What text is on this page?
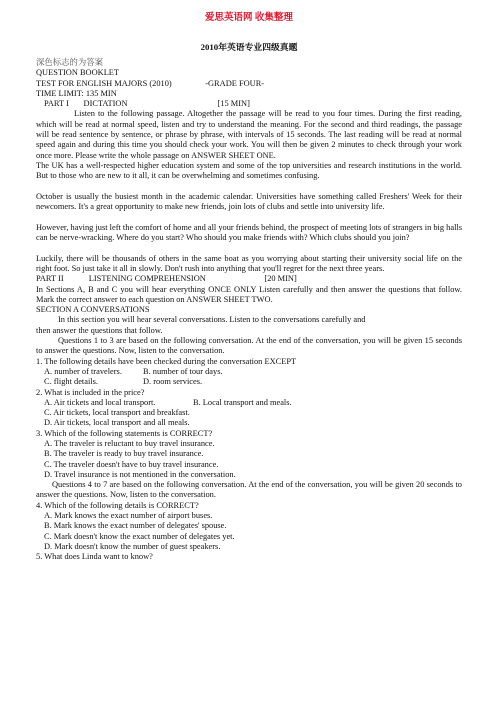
爱思英语网 收集整理
2010年英语专业四级真题
深色标志的为答案
QUESTION BOOKLET
TEST FOR ENGLISH MAJORS (2010)                -GRADE FOUR-
TIME LIMIT: 135 MIN
PART I       DICTATION                                           [15 MIN]
Listen to the following passage. Altogether the passage will be read to you four times. During the first reading, which will be read at normal speed, listen and try to understand the meaning. For the second and third readings, the passage will be read sentence by sentence, or phrase by phrase, with intervals of 15 seconds. The last reading will be read at normal speed again and during this time you should check your work. You will then be given 2 minutes to check through your work once more. Please write the whole passage on ANSWER SHEET ONE.
The UK has a well-respected higher education system and some of the top universities and research institutions in the world. But to those who are new to it all, it can be overwhelming and sometimes confusing.
October is usually the busiest month in the academic calendar. Universities have something called Freshers' Week for their newcomers. It's a great opportunity to make new friends, join lots of clubs and settle into university life.
However, having just left the comfort of home and all your friends behind, the prospect of meeting lots of strangers in big halls can be nerve-wracking. Where do you start? Who should you make friends with? Which clubs should you join?
Luckily, there will be thousands of others in the same boat as you worrying about starting their university social life on the right foot. So just take it all in slowly. Don't rush into anything that you'll regret for the next three years.
PART II            LISTENING COMPREHENSION                            [20 MIN]
In Sections A, B and C you will hear everything ONCE ONLY Listen carefully and then answer the questions that follow. Mark the correct answer to each question on ANSWER SHEET TWO.
SECTION A CONVERSATIONS
In this section you will hear several conversations. Listen to the conversations carefully and
then answer the questions that follow.
Questions 1 to 3 are based on the following conversation. At the end of the conversation, you will be given 15 seconds to answer the questions. Now, listen to the conversation.
1. The following details have been checked during the conversation EXCEPT
A. number of travelers.	B. number of tour days.
C. flight details.	D. room services.
2. What is included in the price?
A. Air tickets and local transport.	B. Local transport and meals.
C. Air tickets, local transport and breakfast.
D. Air tickets, local transport and all meals.
3. Which of the following statements is CORRECT?
A. The traveler is reluctant to buy travel insurance.
B. The traveler is ready to buy travel insurance.
C. The traveler doesn't have to buy travel insurance.
D. Travel insurance is not mentioned in the conversation.
Questions 4 to 7 are based on the following conversation. At the end of the conversation, you will be given 20 seconds to answer the questions. Now, listen to the conversation.
4. Which of the following details is CORRECT?
A. Mark knows the exact number of airport buses.
B. Mark knows the exact number of delegates' spouse.
C. Mark doesn't know the exact number of delegates yet.
D. Mark doesn't know the number of guest speakers.
5. What does Linda want to know?
